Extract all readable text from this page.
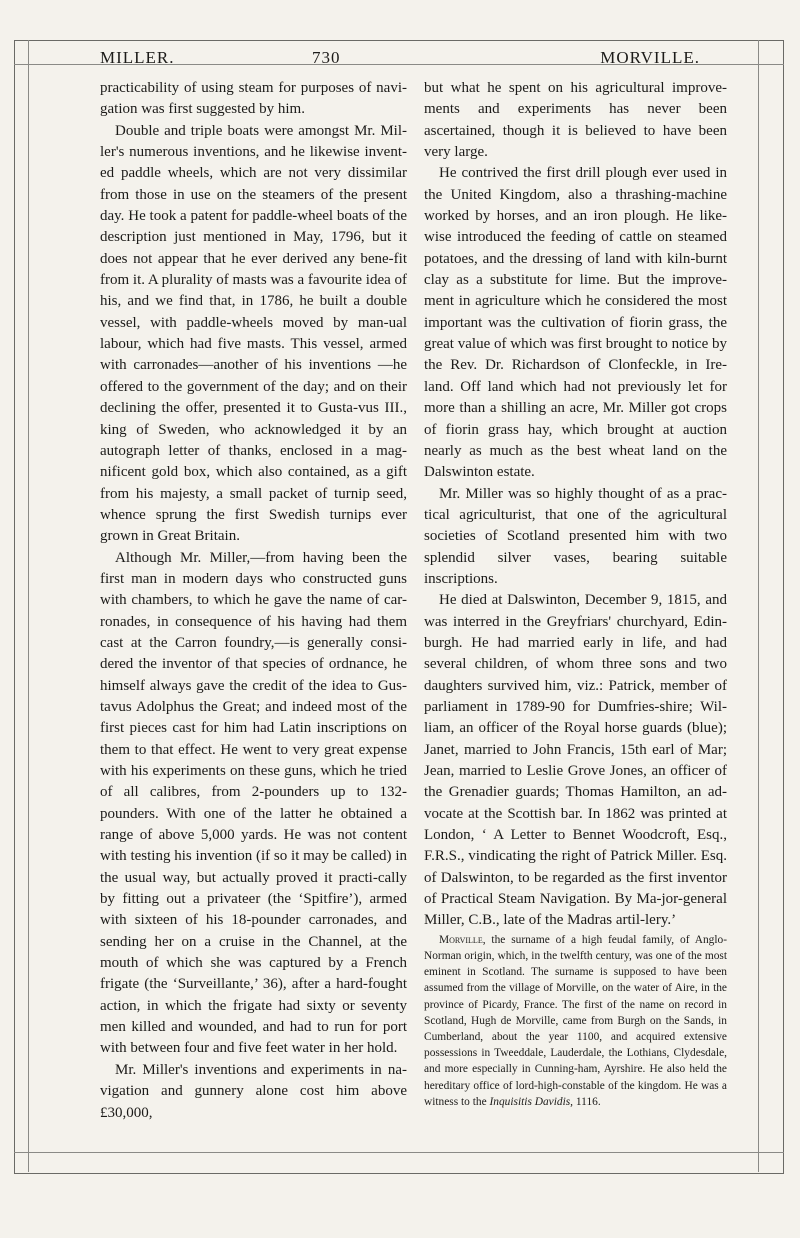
MILLER.	730	MORVILLE.

practicability of using steam for purposes of navi-gation was first suggested by him.

Double and triple boats were amongst Mr. Mil-ler's numerous inventions, and he likewise invent-ed paddle wheels, which are not very dissimilar from those in use on the steamers of the present day. He took a patent for paddle-wheel boats of the description just mentioned in May, 1796, but it does not appear that he ever derived any bene-fit from it. A plurality of masts was a favourite idea of his, and we find that, in 1786, he built a double vessel, with paddle-wheels moved by man-ual labour, which had five masts. This vessel, armed with carronades—another of his inventions —he offered to the government of the day; and on their declining the offer, presented it to Gusta-vus III., king of Sweden, who acknowledged it by an autograph letter of thanks, enclosed in a mag-nificent gold box, which also contained, as a gift from his majesty, a small packet of turnip seed, whence sprung the first Swedish turnips ever grown in Great Britain.

Although Mr. Miller,—from having been the first man in modern days who constructed guns with chambers, to which he gave the name of car-ronades, in consequence of his having had them cast at the Carron foundry,—is generally consi-dered the inventor of that species of ordnance, he himself always gave the credit of the idea to Gus-tavus Adolphus the Great; and indeed most of the first pieces cast for him had Latin inscriptions on them to that effect. He went to very great expense with his experiments on these guns, which he tried of all calibres, from 2-pounders up to 132-pounders. With one of the latter he obtained a range of above 5,000 yards. He was not content with testing his invention (if so it may be called) in the usual way, but actually proved it practi-cally by fitting out a privateer (the ‘Spitfire’), armed with sixteen of his 18-pounder carronades, and sending her on a cruise in the Channel, at the mouth of which she was captured by a French frigate (the ‘Surveillante,’ 36), after a hard-fought action, in which the frigate had sixty or seventy men killed and wounded, and had to run for port with between four and five feet water in her hold.

Mr. Miller's inventions and experiments in na-vigation and gunnery alone cost him above £30,000,

but what he spent on his agricultural improve-ments and experiments has never been ascertained, though it is believed to have been very large.

He contrived the first drill plough ever used in the United Kingdom, also a thrashing-machine worked by horses, and an iron plough. He like-wise introduced the feeding of cattle on steamed potatoes, and the dressing of land with kiln-burnt clay as a substitute for lime. But the improve-ment in agriculture which he considered the most important was the cultivation of fiorin grass, the great value of which was first brought to notice by the Rev. Dr. Richardson of Clonfeckle, in Ire-land. Off land which had not previously let for more than a shilling an acre, Mr. Miller got crops of fiorin grass hay, which brought at auction nearly as much as the best wheat land on the Dalswinton estate.

Mr. Miller was so highly thought of as a prac-tical agriculturist, that one of the agricultural societies of Scotland presented him with two splendid silver vases, bearing suitable inscriptions.

He died at Dalswinton, December 9, 1815, and was interred in the Greyfriars' churchyard, Edin-burgh. He had married early in life, and had several children, of whom three sons and two daughters survived him, viz.: Patrick, member of parliament in 1789-90 for Dumfries-shire; Wil-liam, an officer of the Royal horse guards (blue); Janet, married to John Francis, 15th earl of Mar; Jean, married to Leslie Grove Jones, an officer of the Grenadier guards; Thomas Hamilton, an ad-vocate at the Scottish bar. In 1862 was printed at London, ‘ A Letter to Bennet Woodcroft, Esq., F.R.S., vindicating the right of Patrick Miller. Esq. of Dalswinton, to be regarded as the first inventor of Practical Steam Navigation. By Ma-jor-general Miller, C.B., late of the Madras artil-lery.’

Morville, the surname of a high feudal family, of Anglo-Norman origin, which, in the twelfth century, was one of the most eminent in Scotland. The surname is supposed to have been assumed from the village of Morville, on the water of Aire, in the province of Picardy, France. The first of the name on record in Scotland, Hugh de Morville, came from Burgh on the Sands, in Cumberland, about the year 1100, and acquired extensive possessions in Tweeddale, Lauderdale, the Lothians, Clydesdale, and more especially in Cunning-ham, Ayrshire. He also held the hereditary office of lord-high-constable of the kingdom. He was a witness to the Inquisitis Davidis, 1116.
